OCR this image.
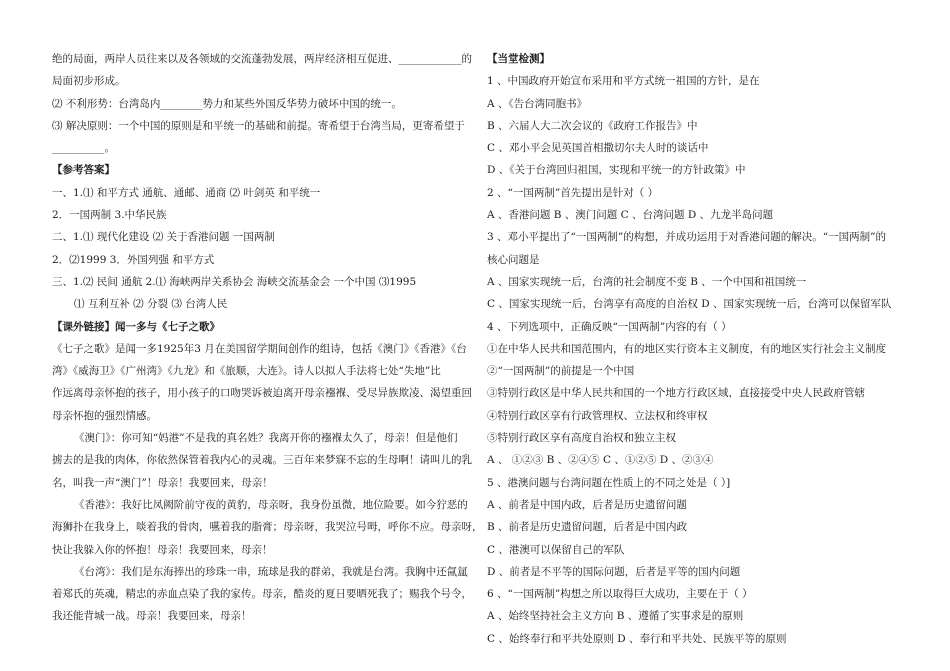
绝的局面，两岸人员往来以及各领域的交流蓬勃发展，两岸经济相互促进、____________的
局面初步形成。
⑵ 不利形势：台湾岛内________势力和某些外国反华势力破坏中国的统一。
⑶ 解决原则：一个中国的原则是和平统一的基础和前提。寄希望于台湾当局，更寄希望于
__________。
【参考答案】
一、1.⑴ 和平方式 通航、通邮、通商 ⑵ 叶剑英 和平统一
2．一国两制 3.中华民族
二、1.⑴ 现代化建设 ⑵ 关于香港问题 一国两制
2．⑵1999 3．外国列强 和平方式
三、1.⑵ 民间 通航 2.⑴ 海峡两岸关系协会 海峡交流基金会 一个中国 ⑶1995
⑴ 互利互补 ⑵ 分裂 ⑶ 台湾人民
【课外链接】闻一多与《七子之歌》
《七子之歌》是闻一多1925年3 月在美国留学期间创作的组诗，包括《澳门》《香港》《台
湾》《威海卫》《广州湾》《九龙》和《旅顺，大连》。诗人以拟人手法将七处“失地”比
作远离母亲怀抱的孩子，用小孩子的口吻哭诉被迫离开母亲襁褓、受尽异族欺凌、渴望重回
母亲怀抱的强烈情感。
《澳门》：你可知“妈港”不是我的真名姓？我离开你的襁褓太久了，母亲！但是他们
掳去的是我的肉体，你依然保管着我内心的灵魂。三百年来梦寐不忘的生母啊！请叫儿的乳
名，叫我一声“澳门”！母亲！我要回来，母亲！
《香港》：我好比凤阙阶前守夜的黄豹，母亲呀，我身份虽微，地位险要。如今狞恶的
海狮扑在我身上，啖着我的骨肉，嚥着我的脂膏；母亲呀，我哭泣号呣，呼你不应。母亲呀，
快让我躲入你的怀抱！母亲！我要回来，母亲！
《台湾》：我们是东海捧出的珍珠一串，琉球是我的群弟，我就是台湾。我胸中还氤氲
着郑氏的英魂，精忠的赤血点染了我的家传。母亲，酷炎的夏日要晒死我了；赐我个号令，
我还能背城一战。母亲！我要回来，母亲！
【当堂检测】
1 、中国政府开始宣布采用和平方式统一祖国的方针，是在
A 、《告台湾同胞书》
B 、六届人大二次会议的《政府工作报告》中
C 、邓小平会见英国首相撒切尔夫人时的谈话中
D 、《关于台湾回归祖国，实现和平统一的方针政策》中
2 、“一国两制”首先提出是针对（ ）
A 、香港问题 B 、澳门问题 C 、台湾问题 D 、九龙半岛问题
3 、邓小平提出了“一国两制”的构想，并成功运用于对香港问题的解决。“一国两制”的
核心问题是
A 、国家实现统一后，台湾的社会制度不变 B 、一个中国和祖国统一
C 、国家实现统一后，台湾享有高度的自治权 D 、国家实现统一后，台湾可以保留军队
4 、下列选项中，正确反映“一国两制”内容的有（ ）
①在中华人民共和国范围内，有的地区实行资本主义制度，有的地区实行社会主义制度
②“一国两制”的前提是一个中国
③特别行政区是中华人民共和国的一个地方行政区域，直接接受中央人民政府管辖
④特别行政区享有行政管理权、立法权和终审权
⑤特别行政区享有高度自治权和独立主权
A 、 ①②③ B 、②④⑤ C 、①②⑤ D 、②③④
5 、港澳问题与台湾问题在性质上的不同之处是（ ）]
A 、前者是中国内政，后者是历史遗留问题
B 、前者是历史遗留问题，后者是中国内政
C 、港澳可以保留自己的军队
D 、前者是不平等的国际问题，后者是平等的国内问题
6 、“一国两制”构想之所以取得巨大成功，主要在于（ ）
A 、始终坚持社会主义方向 B 、遵循了实事求是的原则
C 、始终奉行和平共处原则 D 、奉行和平共处、民族平等的原则
